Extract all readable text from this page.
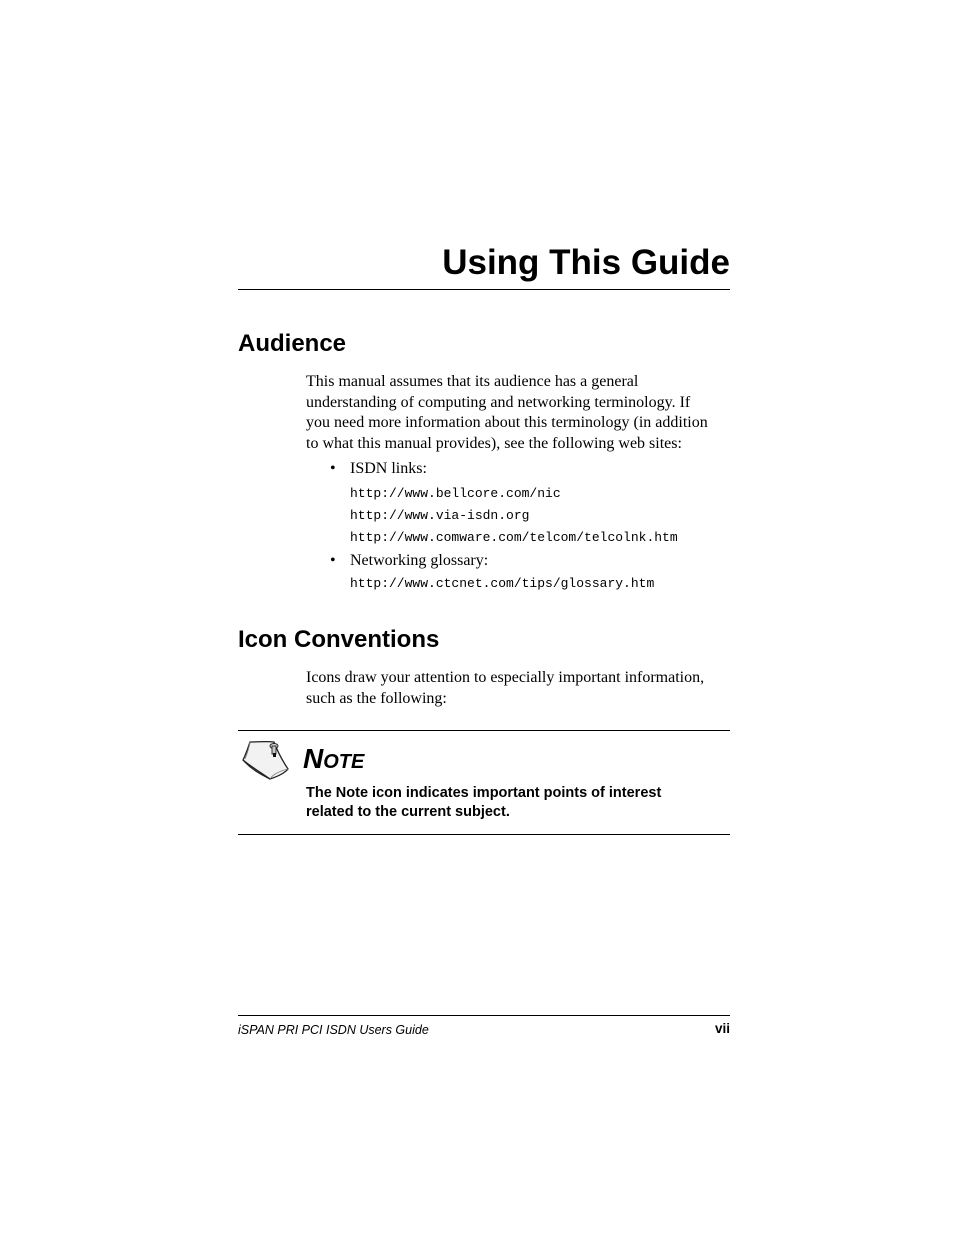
Using This Guide
Audience

This manual assumes that its audience has a general
understanding of computing and networking terminology. If
you need more information about this terminology (in addition
to what this manual provides), see the following web sites:

• ISDN links:
http://www.bellcore.com/nic
http://www.via-isdn.org
http://www.comware.com/telcom/telcolnk.htm
• Networking glossary:
http://www.ctcnet.com/tips/glossary.htm
Icon Conventions

Icons draw your attention to especially important information,
such as the following:

NOTE

The Note icon indicates important points of interest
related to the current subject.

iSPAN PRI PCI ISDN Users Guide	vii
